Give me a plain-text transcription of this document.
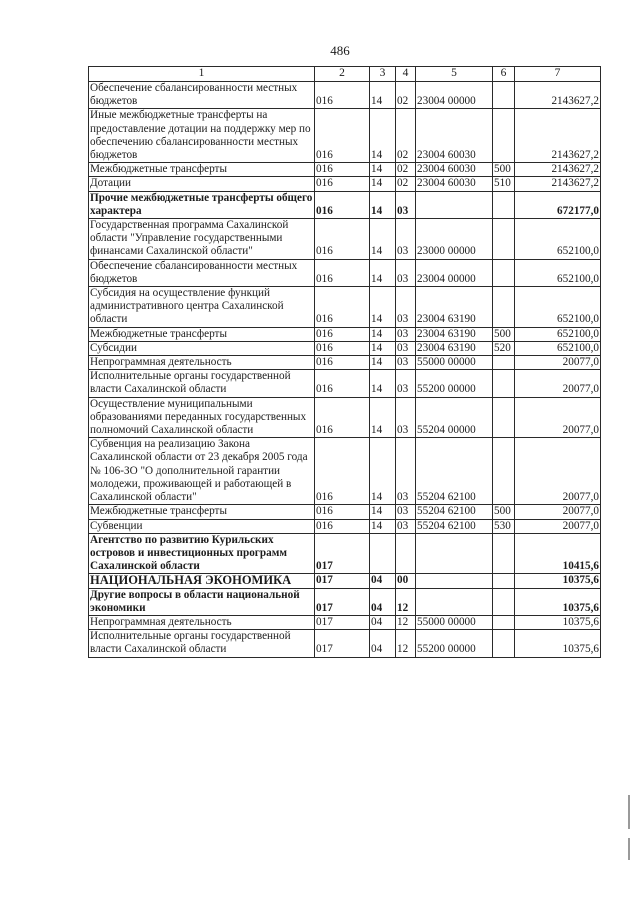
486
1	2	3	4	5	6	7
Обеспечение сбалансированности местных бюджетов	016	14	02	23004 00000		2143627,2
Иные межбюджетные трансферты на предоставление дотации на поддержку мер по обеспечению сбалансированности местных бюджетов	016	14	02	23004 60030		2143627,2
Межбюджетные трансферты	016	14	02	23004 60030	500	2143627,2
Дотации	016	14	02	23004 60030	510	2143627,2
Прочие межбюджетные трансферты общего характера	016	14	03			672177,0
Государственная программа Сахалинской области "Управление государственными финансами Сахалинской области"	016	14	03	23000 00000		652100,0
Обеспечение сбалансированности местных бюджетов	016	14	03	23004 00000		652100,0
Субсидия на осуществление функций административного центра Сахалинской области	016	14	03	23004 63190		652100,0
Межбюджетные трансферты	016	14	03	23004 63190	500	652100,0
Субсидии	016	14	03	23004 63190	520	652100,0
Непрограммная деятельность	016	14	03	55000 00000		20077,0
Исполнительные органы государственной власти Сахалинской области	016	14	03	55200 00000		20077,0
Осуществление муниципальными образованиями переданных государственных полномочий Сахалинской области	016	14	03	55204 00000		20077,0
Субвенция на реализацию Закона Сахалинской области от 23 декабря 2005 года № 106-ЗО "О дополнительной гарантии молодежи, проживающей и работающей в Сахалинской области"	016	14	03	55204 62100		20077,0
Межбюджетные трансферты	016	14	03	55204 62100	500	20077,0
Субвенции	016	14	03	55204 62100	530	20077,0
Агентство по развитию Курильских островов и инвестиционных программ Сахалинской области	017					10415,6
НАЦИОНАЛЬНАЯ ЭКОНОМИКА	017	04	00			10375,6
Другие вопросы в области национальной экономики	017	04	12			10375,6
Непрограммная деятельность	017	04	12	55000 00000		10375,6
Исполнительные органы государственной власти Сахалинской области	017	04	12	55200 00000		10375,6
